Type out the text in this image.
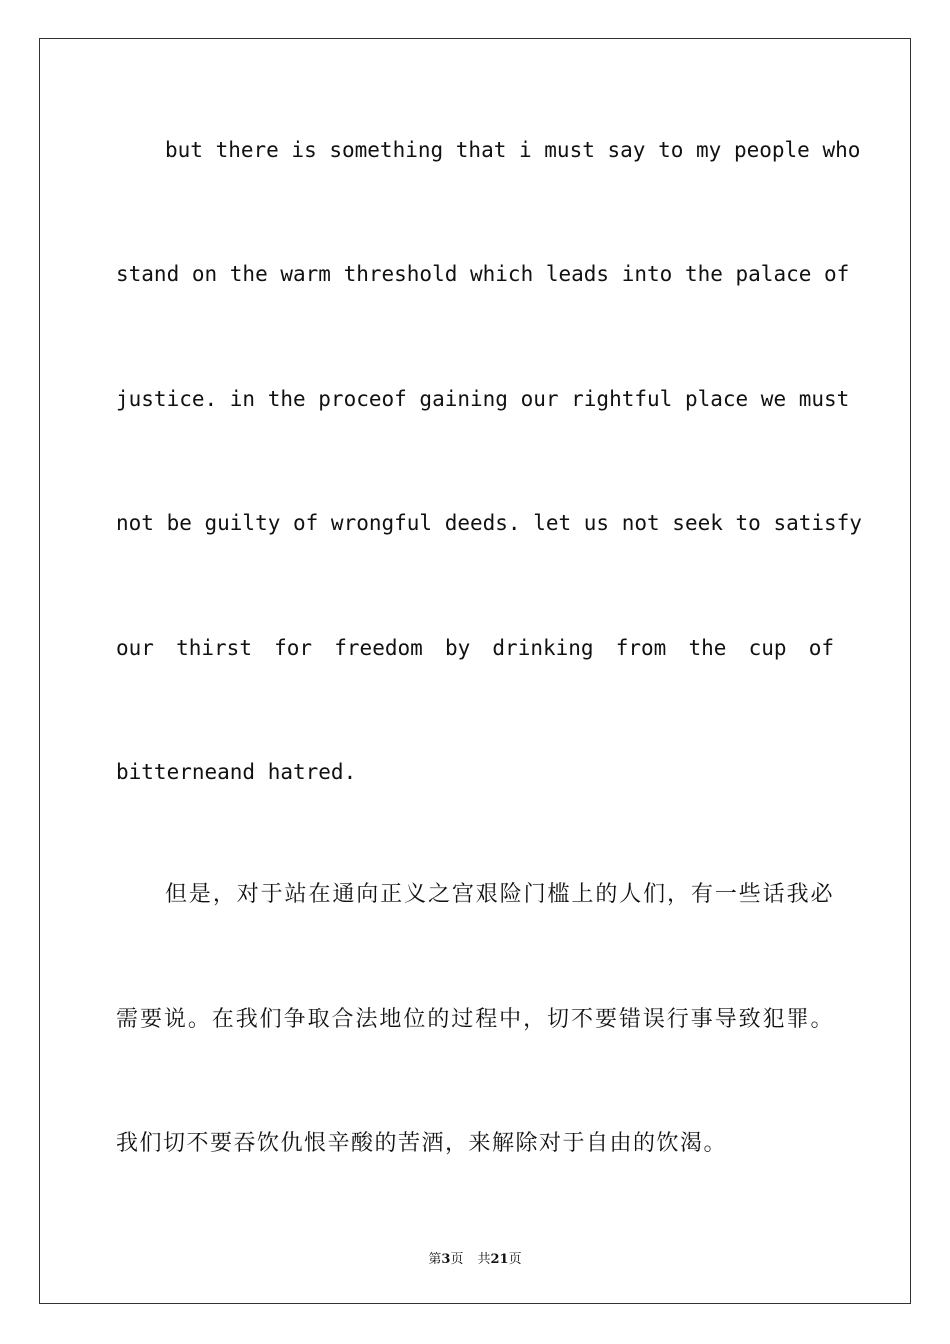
but there is something that i must say to my people who
stand on the warm threshold which leads into the palace of
justice. in the proceof gaining our rightful place we must
not be guilty of wrongful deeds. let us not seek to satisfy
our thirst for freedom by drinking from the cup of
bitterneand hatred.
但是，对于站在通向正义之宫艰险门槛上的人们，有一些话我必
需要说。在我们争取合法地位的过程中，切不要错误行事导致犯罪。
我们切不要吞饮仇恨辛酸的苦酒，来解除对于自由的饮渴。
第3页 共21页
